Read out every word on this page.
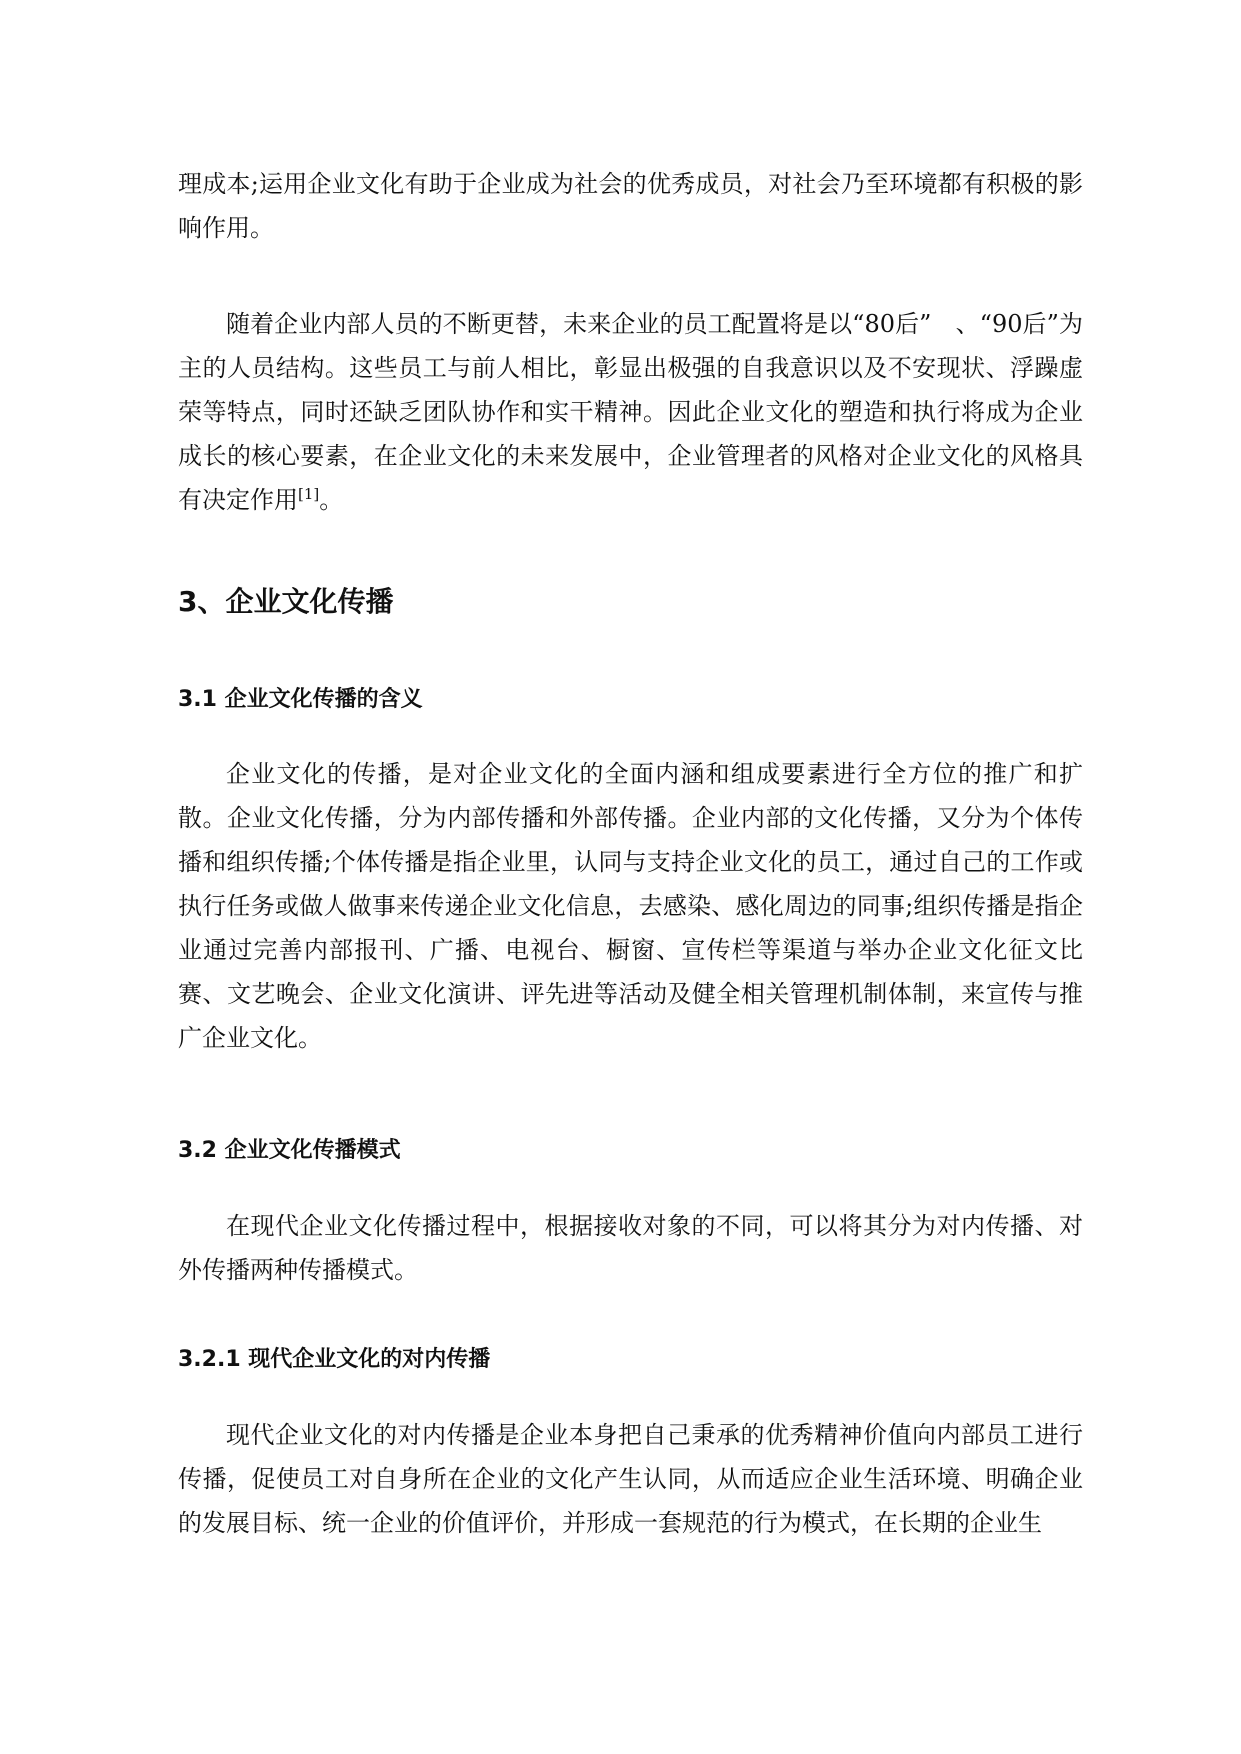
理成本;运用企业文化有助于企业成为社会的优秀成员，对社会乃至环境都有积极的影响作用。

随着企业内部人员的不断更替，未来企业的员工配置将是以“80后”　、“90后”为主的人员结构。这些员工与前人相比，彰显出极强的自我意识以及不安现状、浮躁虚荣等特点，同时还缺乏团队协作和实干精神。因此企业文化的塑造和执行将成为企业成长的核心要素，在企业文化的未来发展中，企业管理者的风格对企业文化的风格具有决定作用[1]。

3、企业文化传播
3.1 企业文化传播的含义

企业文化的传播，是对企业文化的全面内涵和组成要素进行全方位的推广和扩散。企业文化传播，分为内部传播和外部传播。企业内部的文化传播，又分为个体传播和组织传播;个体传播是指企业里，认同与支持企业文化的员工，通过自己的工作或执行任务或做人做事来传递企业文化信息，去感染、感化周边的同事;组织传播是指企业通过完善内部报刊、广播、电视台、橱窗、宣传栏等渠道与举办企业文化征文比赛、文艺晚会、企业文化演讲、评先进等活动及健全相关管理机制体制，来宣传与推广企业文化。

3.2 企业文化传播模式

在现代企业文化传播过程中，根据接收对象的不同，可以将其分为对内传播、对外传播两种传播模式。

3.2.1 现代企业文化的对内传播

现代企业文化的对内传播是企业本身把自己秉承的优秀精神价值向内部员工进行传播，促使员工对自身所在企业的文化产生认同，从而适应企业生活环境、明确企业的发展目标、统一企业的价值评价，并形成一套规范的行为模式，在长期的企业生
